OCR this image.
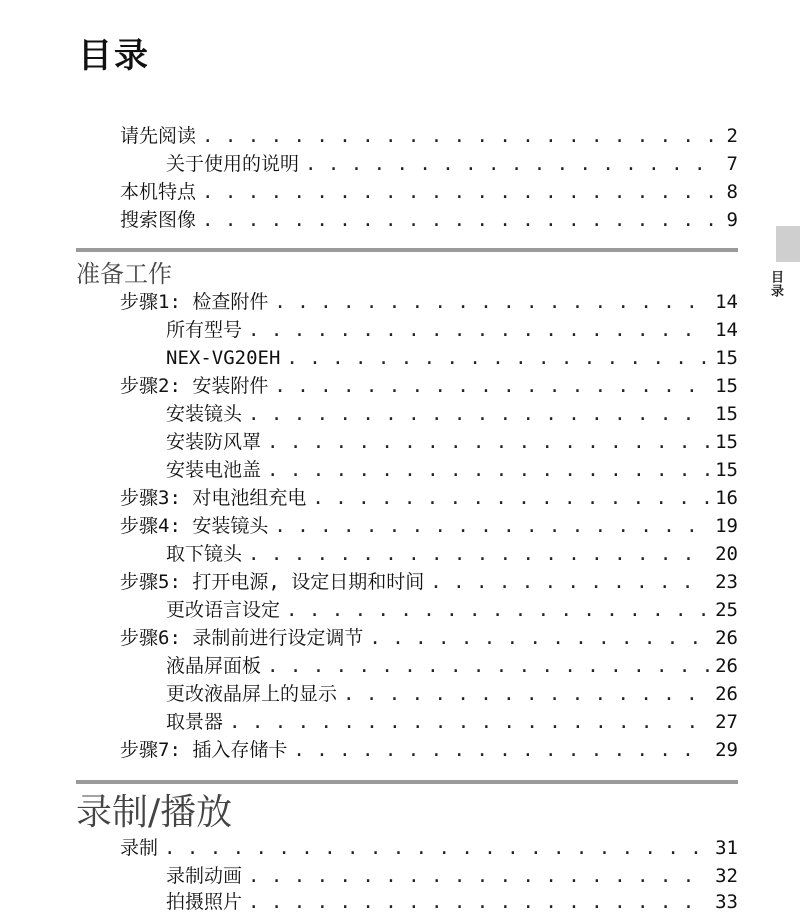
目录
目录
请先阅读 . . .	2
关于使用的说明 . . .	7
本机特点 . . .	8
搜索图像 . . .	9
准备工作
步骤1: 检查附件 . . .	14
所有型号 . . .	14
NEX-VG20EH . . .	15
步骤2: 安装附件 . . .	15
安装镜头 . . .	15
安装防风罩 . . .	15
安装电池盖 . . .	15
步骤3: 对电池组充电 . . .	16
步骤4: 安装镜头 . . .	19
取下镜头 . . .	20
步骤5: 打开电源, 设定日期和时间 . . .	23
更改语言设定 . . .	25
步骤6: 录制前进行设定调节 . . .	26
液晶屏面板 . . .	26
更改液晶屏上的显示 . . .	26
取景器 . . .	27
步骤7: 插入存储卡 . . .	29
录制/播放
录制 . . .	31
录制动画 . . .	32
拍摄照片 . . .	33
